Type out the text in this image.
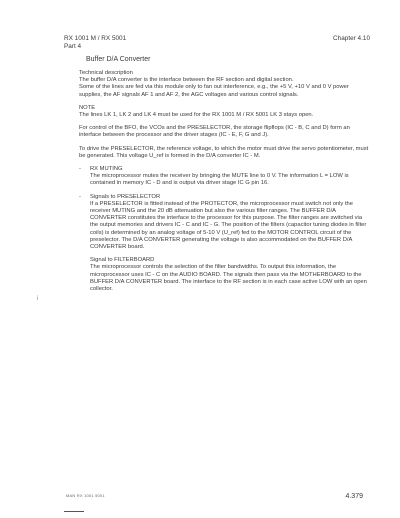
RX 1001 M / RX 5001
Part 4
Chapter 4.10
Buffer D/A Converter

Technical description
The buffer D/A converter is the interface between the RF section and digital section.
Some of the lines are fed via this module only to fan out interference, e.g., the +5 V, +10 V and 0 V power supplies, the AF signals AF 1 and AF 2, the AGC voltages and various control signals.

NOTE
The lines LK 1, LK 2 and LK 4 must be used for the RX 1001 M / RX 5001 LK 3 stays open.

For control of the BFO, the VCOs and the PRESELECTOR, the storage flipflops (IC - B, C and D) form an interface between the processor and the driver stages (IC - E, F, G and J).

To drive the PRESELECTOR, the reference voltage, to which the motor must drive the servo potentiometer, must be generated. This voltage U_ref is formed in the D/A converter IC - M.

- RX MUTING
The microprocessor mutes the receiver by bringing the MUTE line to 0 V. The information L = LOW is contained in memory IC - D and is output via driver stage IC G pin 16.
- Signals to PRESELECTOR
If a PRESELECTOR is fitted instead of the PROTECTOR, the microprocessor must switch not only the receiver MUTING and the 20 dB attenuation but also the various filter ranges. The BUFFER D/A CONVERTER constitutes the interface to the processor for this purpose. The filter ranges are switched via the output memories and drivers IC - C and IC - G. The position of the filters (capacitor tuning diodes in filter coils) is determined by an analog voltage of 5-10 V (U_ref) fed to the MOTOR CONTROL circuit of the preselector. The D/A CONVERTER generating the voltage is also accommodated on the BUFFER D/A CONVERTER board.
Signal to FILTERBOARD
The microprocessor controls the selection of the filter bandwidths. To output this information, the microprocessor uses IC - C on the AUDIO BOARD. The signals then pass via the MOTHERBOARD to the BUFFER D/A CONVERTER board. The interface to the RF section is in each case active LOW with an open collector.
i
MAN RX 1001 5001	4.379
